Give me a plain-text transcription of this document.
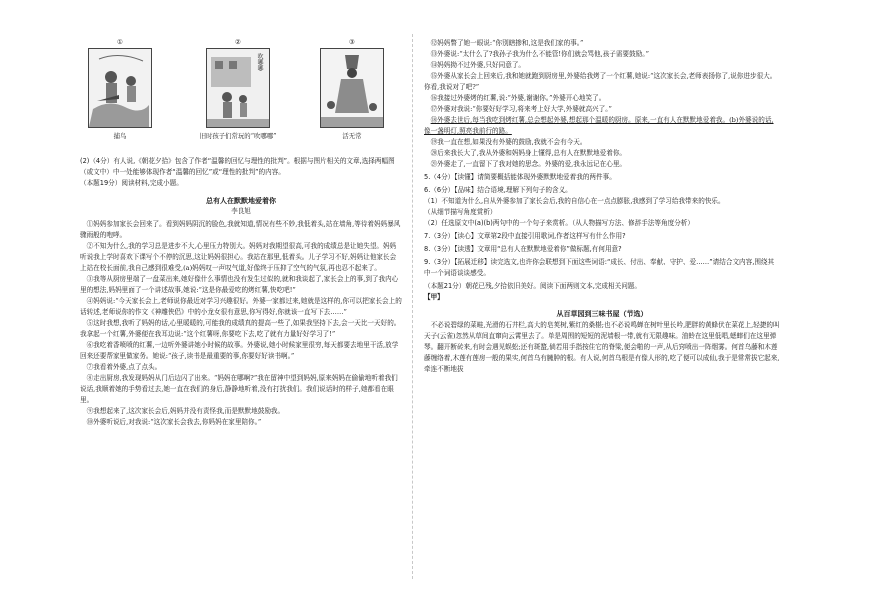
①
捕鸟
②
吹哪哪
旧时孩子们常玩的“吹哪哪”
③
活无常

(2)（4分）有人说,《朝花夕拾》包含了作者“温馨的回忆与理性的批判”。根据与图片相关的文章,选择两幅图（或文中）中一处能够体现作者“温馨的回忆”或“理性的批判”的内容。

（本题19分）阅读材料,完成小题。

总有人在默默地爱着你
李良旭

①妈妈参加家长会回来了。看到妈妈阴沉的脸色,我就知道,情况有些不妙,我低着头,站在墙角,等待着妈妈暴风骤雨般的咆哮。

②不知为什么,我的学习总是进步不大,心里压力特别大。妈妈对我期望很高,可我的成绩总是让她失望。妈妈听说我上学时喜欢下课写个不停的沉思,这让妈妈很担心。我站在那里,低着头。儿子学习不好,妈妈让他家长会上站在校长面前,我自己感到很难受,(a)妈妈叹一声叹气道,好像终于压抑了空气的气氛,再也忍不起来了。

③我等从厨房里端了一盘菜出来,她好像什么事情也没有发生过似的,就和我谈起了,家长会上的事,到了我内心里的想法,妈妈里面了一个讲述故事,她说:“这是你最爱吃的烤红薯,快吃吧!”

④妈妈说:“今天家长会上,老师说你最近对学习兴趣很好。外婆一家都过来,她就是这样的,你可以把家长会上的话转述,老师说你的作文《神雕侠侣》中的小龙女很有意思,你写得好,你就该一直写下去……”

⑤这时我想,我听了妈妈的话,心里暖暖的,可能我的成绩真的提高一些了,如果我坚持下去,会一天比一天好的。我拿起一个红薯,外婆便在我耳边说:“这个红薯呀,你要吃下去,吃了就有力量好好学习了!”

⑥我吃着香喷喷的红薯,一边听外婆讲她小时候的故事。外婆说,她小时候家里很穷,每天都要去地里干活,放学回来还要帮家里做家务。她说:“孩子,读书是最重要的事,你要好好读书啊。”

⑦我看着外婆,点了点头。

⑧走出厨房,我发现妈妈从门后边闪了出来。“妈妈在哪啊?”我在留神中望到妈妈,原来妈妈在偷偷地听着我们说话,我顺着她的手势看过去,她一直在我们的身后,静静地听着,没有打扰我们。我们说话时的样子,她都看在眼里。

⑨我想起来了,这次家长会后,妈妈并没有责怪我,而是默默地鼓励我。

⑩外婆听说后,对我说:“这次家长会我去,你妈妈在家里陪你。”

⑫妈妈瞥了她一眼说:“你别瞎掺和,这是我们家的事。”

⑬外婆说:“太什么了?我孙子我为什么不能管!你们就会骂他,孩子需要鼓励。”

⑭妈妈拗不过外婆,只好同意了。

⑮外婆从家长会上回来后,我和她就跑到厨房里,外婆给我烤了一个红薯,她说:“这次家长会,老师表扬你了,说你进步很大。你看,我说对了吧?”

⑯我接过外婆烤的红薯,说:“外婆,谢谢你。”外婆开心地笑了。

⑰外婆对我说:“你要好好学习,将来考上好大学,外婆就高兴了。”

⑱外婆去世后,每当我吃到烤红薯,总会想起外婆,想起那个温暖的厨房。原来,一直有人在默默地爱着我。(b)外婆说的话,像一盏明灯,照亮我前行的路。

⑲我一直在想,如果没有外婆的鼓励,我就不会有今天。

⑳后来我长大了,我从外婆和妈妈身上懂得,总有人在默默地爱着你。

㉑外婆走了,一直留下了我对她的思念。外婆的爱,我永远记在心里。

5.（4分）【读懂】请简要概括能体现外婆默默地爱着我的两件事。

6.（6分）【品味】结合语境,理解下列句子的含义。

（1）不知道为什么,自从外婆参加了家长会后,我的自信心在一点点膨胀,我感到了学习给我带来的快乐。

（从细节描写角度赏析）

（2）任选原文中(a)(b)两句中的一个句子来赏析。（从人物描写方法、修辞手法等角度分析）

7.（3分）【读心】文章第2段中直接引用歌词,作者这样写有什么作用?

8.（3分）【读透】文章用“总有人在默默地爱着你”做标题,有何用意?

9.（3分）【拓展迁移】读完选文,也许你会联想到下面这些词语:“成长、付出、奉献、守护、爱……”请结合文内容,围绕其中一个词语谈谈感受。

（本题21分）朝花已残,夕拾依旧美好。阅读下面两则文本,完成相关问题。

【甲】

从百草园到三味书屋（节选）

不必说碧绿的菜畦,光滑的石井栏,高大的皂荚树,紫红的桑椹;也不必说鸣蝉在树叶里长吟,肥胖的黄蜂伏在菜花上,轻捷的叫天子(云雀)忽然从草间直窜向云霄里去了。单是周围的短短的泥墙根一带,就有无限趣味。油蛉在这里低唱,蟋蟀们在这里弹琴。翻开断砖来,有时会遇见蜈蚣;还有斑蝥,倘若用手指按住它的脊梁,便会啪的一声,从后窍喷出一阵烟雾。何首乌藤和木莲藤缠络着,木莲有莲房一般的果实,何首乌有臃肿的根。有人说,何首乌根是有像人形的,吃了便可以成仙,我于是常常拔它起来,牵连不断地拔
